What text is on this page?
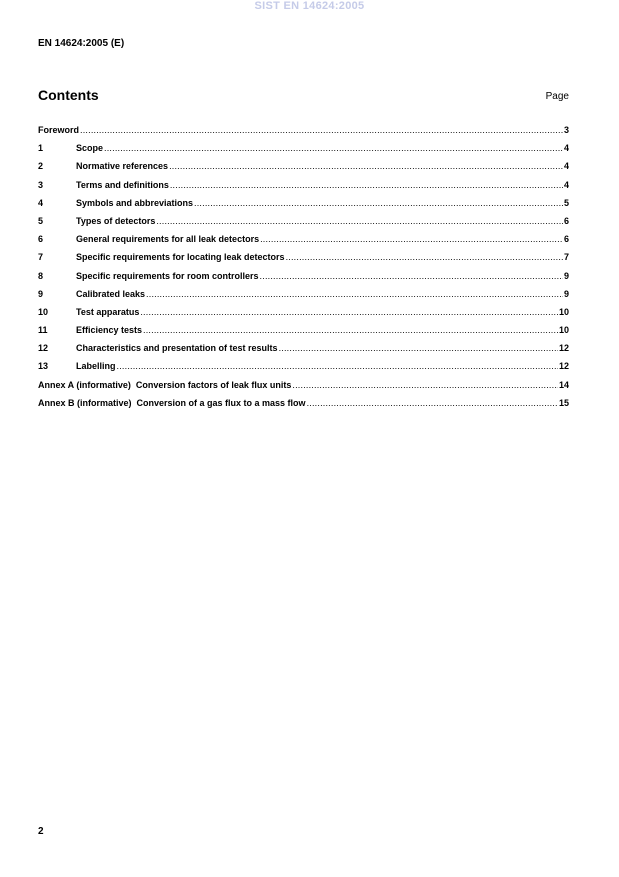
SIST EN 14624:2005
EN 14624:2005 (E)
Contents	Page
Foreword .....	3
1	Scope .....	4
2	Normative references .....	4
3	Terms and definitions .....	4
4	Symbols and abbreviations .....	5
5	Types of detectors .....	6
6	General requirements for all leak detectors .....	6
7	Specific requirements for locating leak detectors .....	7
8	Specific requirements for room controllers .....	9
9	Calibrated leaks .....	9
10	Test apparatus .....	10
11	Efficiency tests .....	10
12	Characteristics and presentation of test results .....	12
13	Labelling .....	12
Annex A (informative)  Conversion factors of leak flux units .....	14
Annex B (informative)  Conversion of a gas flux to a mass flow .....	15
2
